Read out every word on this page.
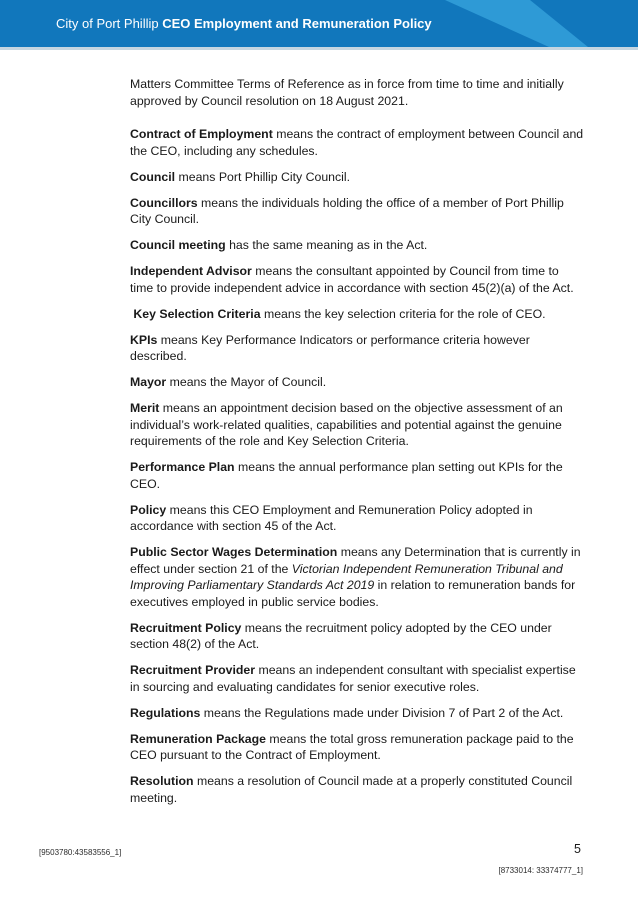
City of Port Phillip CEO Employment and Remuneration Policy

Matters Committee Terms of Reference as in force from time to time and initially approved by Council resolution on 18 August 2021.

Contract of Employment means the contract of employment between Council and the CEO, including any schedules.

Council means Port Phillip City Council.

Councillors means the individuals holding the office of a member of Port Phillip City Council.

Council meeting has the same meaning as in the Act.

Independent Advisor means the consultant appointed by Council from time to time to provide independent advice in accordance with section 45(2)(a) of the Act.

Key Selection Criteria means the key selection criteria for the role of CEO.

KPIs means Key Performance Indicators or performance criteria however described.

Mayor means the Mayor of Council.

Merit means an appointment decision based on the objective assessment of an individual’s work-related qualities, capabilities and potential against the genuine requirements of the role and Key Selection Criteria.

Performance Plan means the annual performance plan setting out KPIs for the CEO.

Policy means this CEO Employment and Remuneration Policy adopted in accordance with section 45 of the Act.

Public Sector Wages Determination means any Determination that is currently in effect under section 21 of the Victorian Independent Remuneration Tribunal and Improving Parliamentary Standards Act 2019 in relation to remuneration bands for executives employed in public service bodies.

Recruitment Policy means the recruitment policy adopted by the CEO under section 48(2) of the Act.

Recruitment Provider means an independent consultant with specialist expertise in sourcing and evaluating candidates for senior executive roles.

Regulations means the Regulations made under Division 7 of Part 2 of the Act.

Remuneration Package means the total gross remuneration package paid to the CEO pursuant to the Contract of Employment.

Resolution means a resolution of Council made at a properly constituted Council meeting.

[9503780:43583556_1]	5
[8733014: 33374777_1]
